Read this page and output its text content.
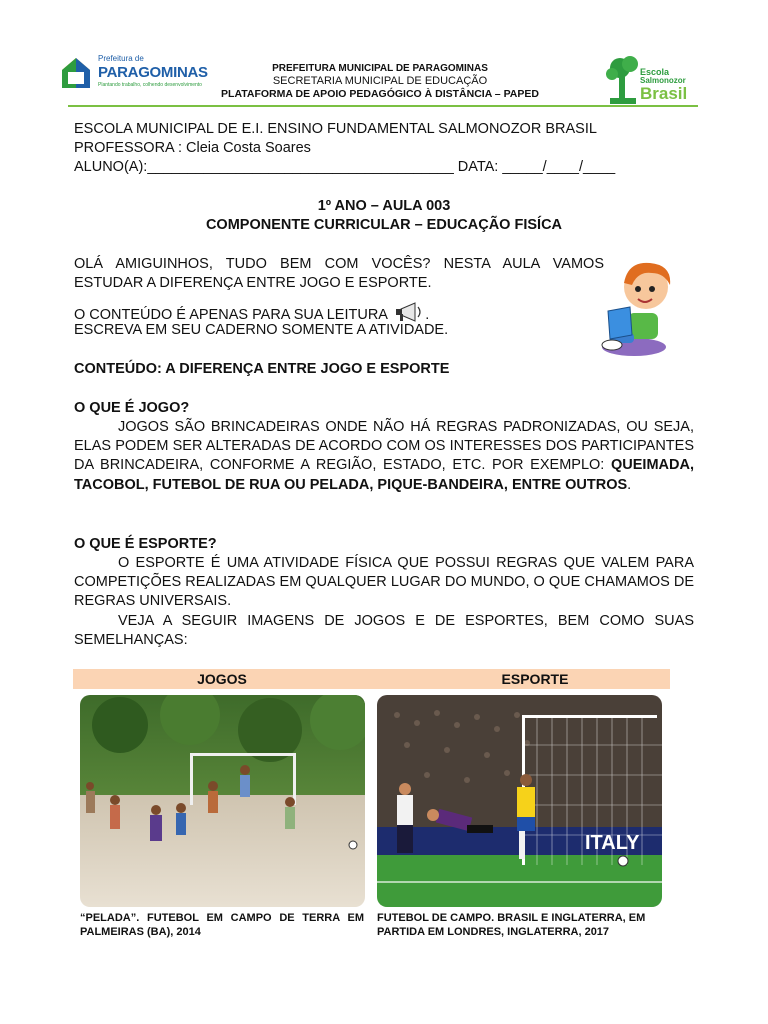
Prefeitura de
PARAGOMINAS
Plantando trabalho, colhendo desenvolvimento
PREFEITURA MUNICIPAL DE PARAGOMINAS
SECRETARIA MUNICIPAL DE EDUCAÇÃO
PLATAFORMA DE APOIO PEDAGÓGICO À DISTÂNCIA – PAPED
Escola
Salmonozor
Brasil
ESCOLA MUNICIPAL DE E.I. ENSINO FUNDAMENTAL SALMONOZOR BRASIL
PROFESSORA : Cleia Costa Soares
ALUNO(A):______________________________________ DATA: _____/____/____
1º ANO – AULA 003
COMPONENTE CURRICULAR – EDUCAÇÃO FISÍCA
OLÁ AMIGUINHOS, TUDO BEM COM VOCÊS? NESTA AULA VAMOS ESTUDAR A DIFERENÇA ENTRE JOGO E ESPORTE.
O CONTEÚDO É APENAS PARA SUA LEITURA	.
ESCREVA EM SEU CADERNO SOMENTE A ATIVIDADE.
CONTEÚDO: A DIFERENÇA ENTRE JOGO E ESPORTE
O QUE É JOGO?
JOGOS SÃO BRINCADEIRAS ONDE NÃO HÁ REGRAS PADRONIZADAS, OU SEJA, ELAS PODEM SER ALTERADAS DE ACORDO COM OS INTERESSES DOS PARTICIPANTES DA BRINCADEIRA, CONFORME A REGIÃO, ESTADO, ETC. POR EXEMPLO: QUEIMADA, TACOBOL, FUTEBOL DE RUA OU PELADA, PIQUE-BANDEIRA, ENTRE OUTROS.
O QUE É ESPORTE?
O ESPORTE É UMA ATIVIDADE FÍSICA QUE POSSUI REGRAS QUE VALEM PARA COMPETIÇÕES REALIZADAS EM QUALQUER LUGAR DO MUNDO, O QUE CHAMAMOS DE REGRAS UNIVERSAIS.
VEJA A SEGUIR IMAGENS DE JOGOS E DE ESPORTES, BEM COMO SUAS SEMELHANÇAS:
JOGOS	ESPORTE
ITALY
“PELADA”. FUTEBOL EM CAMPO DE TERRA EM PALMEIRAS (BA), 2014
FUTEBOL DE CAMPO. BRASIL E INGLATERRA, EM PARTIDA EM LONDRES, INGLATERRA, 2017
